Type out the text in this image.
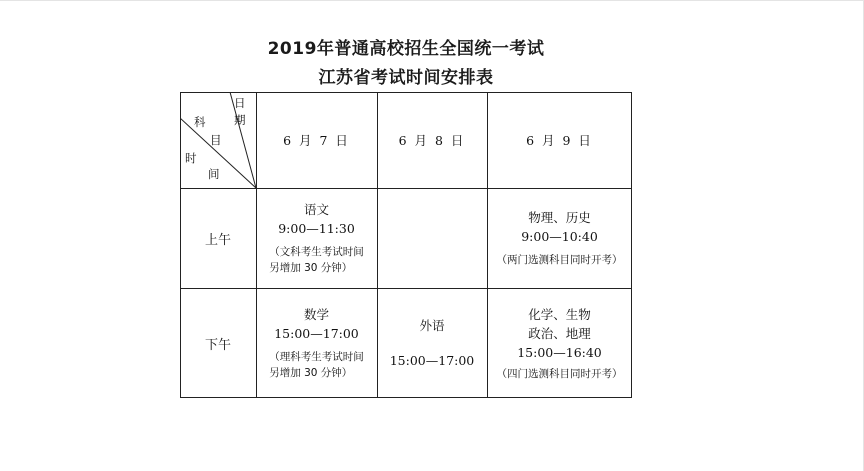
2019年普通高校招生全国统一考试
江苏省考试时间安排表
日
期
科
目
时
间
6 月 7 日	6 月 8 日	6 月 9 日
上午
下午
语文
9:00—11:30
（文科考生考试时间
另增加 30 分钟）
物理、历史
9:00—10:40
（两门选测科目同时开考）
数学
15:00—17:00
（理科考生考试时间
另增加 30 分钟）
外语
15:00—17:00
化学、生物
政治、地理
15:00—16:40
（四门选测科目同时开考）
